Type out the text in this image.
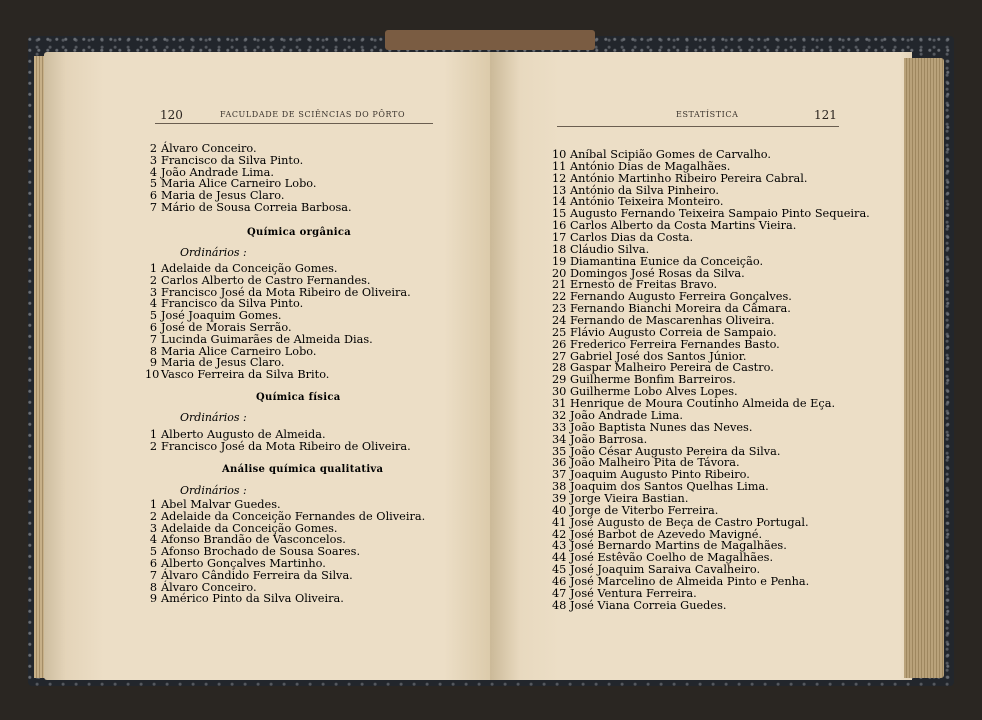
120	FACULDADE DE SCIÊNCIAS DO PÔRTO	ESTATÍSTICA	121
2 Álvaro Conceiro.
3 Francisco da Silva Pinto.
4 João Andrade Lima.
5 Maria Alice Carneiro Lobo.
6 Maria de Jesus Claro.
7 Mário de Sousa Correia Barbosa.
Química orgânica
Ordinários :
1 Adelaide da Conceição Gomes.
2 Carlos Alberto de Castro Fernandes.
3 Francisco José da Mota Ribeiro de Oliveira.
4 Francisco da Silva Pinto.
5 José Joaquim Gomes.
6 José de Morais Serrão.
7 Lucinda Guimarães de Almeida Dias.
8 Maria Alice Carneiro Lobo.
9 Maria de Jesus Claro.
10 Vasco Ferreira da Silva Brito.
Química física
Ordinários :
1 Alberto Augusto de Almeida.
2 Francisco José da Mota Ribeiro de Oliveira.
Análise química qualitativa
Ordinários :
1 Abel Malvar Guedes.
2 Adelaide da Conceição Fernandes de Oliveira.
3 Adelaide da Conceição Gomes.
4 Afonso Brandão de Vasconcelos.
5 Afonso Brochado de Sousa Soares.
6 Alberto Gonçalves Martinho.
7 Álvaro Cândido Ferreira da Silva.
8 Álvaro Conceiro.
9 Américo Pinto da Silva Oliveira.
10 Aníbal Scipião Gomes de Carvalho.
11 António Dias de Magalhães.
12 António Martinho Ribeiro Pereira Cabral.
13 António da Silva Pinheiro.
14 António Teixeira Monteiro.
15 Augusto Fernando Teixeira Sampaio Pinto Sequeira.
16 Carlos Alberto da Costa Martins Vieira.
17 Carlos Dias da Costa.
18 Cláudio Silva.
19 Diamantina Eunice da Conceição.
20 Domingos José Rosas da Silva.
21 Ernesto de Freitas Bravo.
22 Fernando Augusto Ferreira Gonçalves.
23 Fernando Bianchi Moreira da Câmara.
24 Fernando de Mascarenhas Oliveira.
25 Flávio Augusto Correia de Sampaio.
26 Frederico Ferreira Fernandes Basto.
27 Gabriel José dos Santos Júnior.
28 Gaspar Malheiro Pereira de Castro.
29 Guilherme Bonfim Barreiros.
30 Guilherme Lobo Alves Lopes.
31 Henrique de Moura Coutinho Almeida de Eça.
32 João Andrade Lima.
33 João Baptista Nunes das Neves.
34 João Barrosa.
35 João César Augusto Pereira da Silva.
36 João Malheiro Pita de Távora.
37 Joaquim Augusto Pinto Ribeiro.
38 Joaquim dos Santos Quelhas Lima.
39 Jorge Vieira Bastian.
40 Jorge de Viterbo Ferreira.
41 José Augusto de Beça de Castro Portugal.
42 José Barbot de Azevedo Mavigné.
43 José Bernardo Martins de Magalhães.
44 José Estêvão Coelho de Magalhães.
45 José Joaquim Saraiva Cavalheiro.
46 José Marcelino de Almeida Pinto e Penha.
47 José Ventura Ferreira.
48 José Viana Correia Guedes.
